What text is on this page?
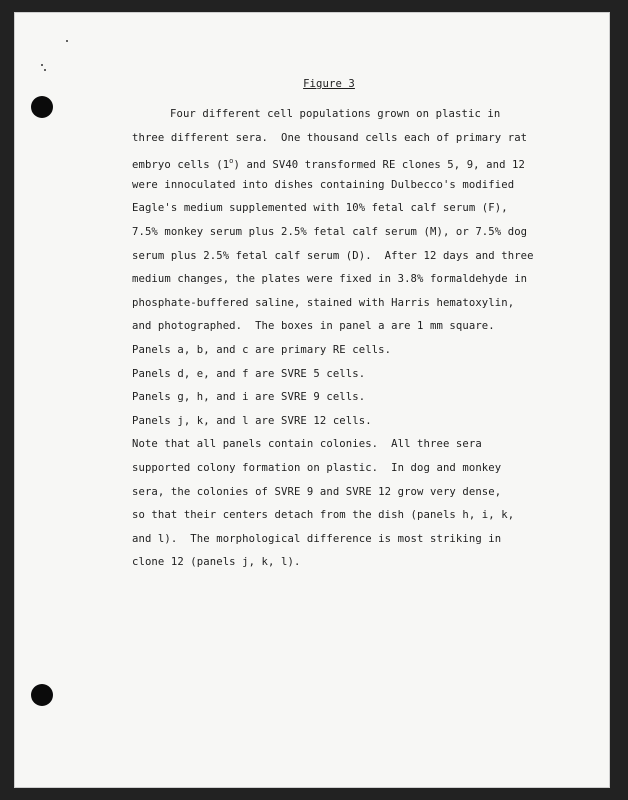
Figure 3

Four different cell populations grown on plastic in

three different sera.  One thousand cells each of primary rat

embryo cells (1$^o$) and SV40 transformed RE clones 5, 9, and 12

were innoculated into dishes containing Dulbecco's modified

Eagle's medium supplemented with 10% fetal calf serum (F),

7.5% monkey serum plus 2.5% fetal calf serum (M), or 7.5% dog

serum plus 2.5% fetal calf serum (D).  After 12 days and three

medium changes, the plates were fixed in 3.8% formaldehyde in

phosphate-buffered saline, stained with Harris hematoxylin,

and photographed.  The boxes in panel a are 1 mm square.

Panels a, b, and c are primary RE cells.

Panels d, e, and f are SVRE 5 cells.

Panels g, h, and i are SVRE 9 cells.

Panels j, k, and l are SVRE 12 cells.

Note that all panels contain colonies.  All three sera

supported colony formation on plastic.  In dog and monkey

sera, the colonies of SVRE 9 and SVRE 12 grow very dense,

so that their centers detach from the dish (panels h, i, k,

and l).  The morphological difference is most striking in

clone 12 (panels j, k, l).
